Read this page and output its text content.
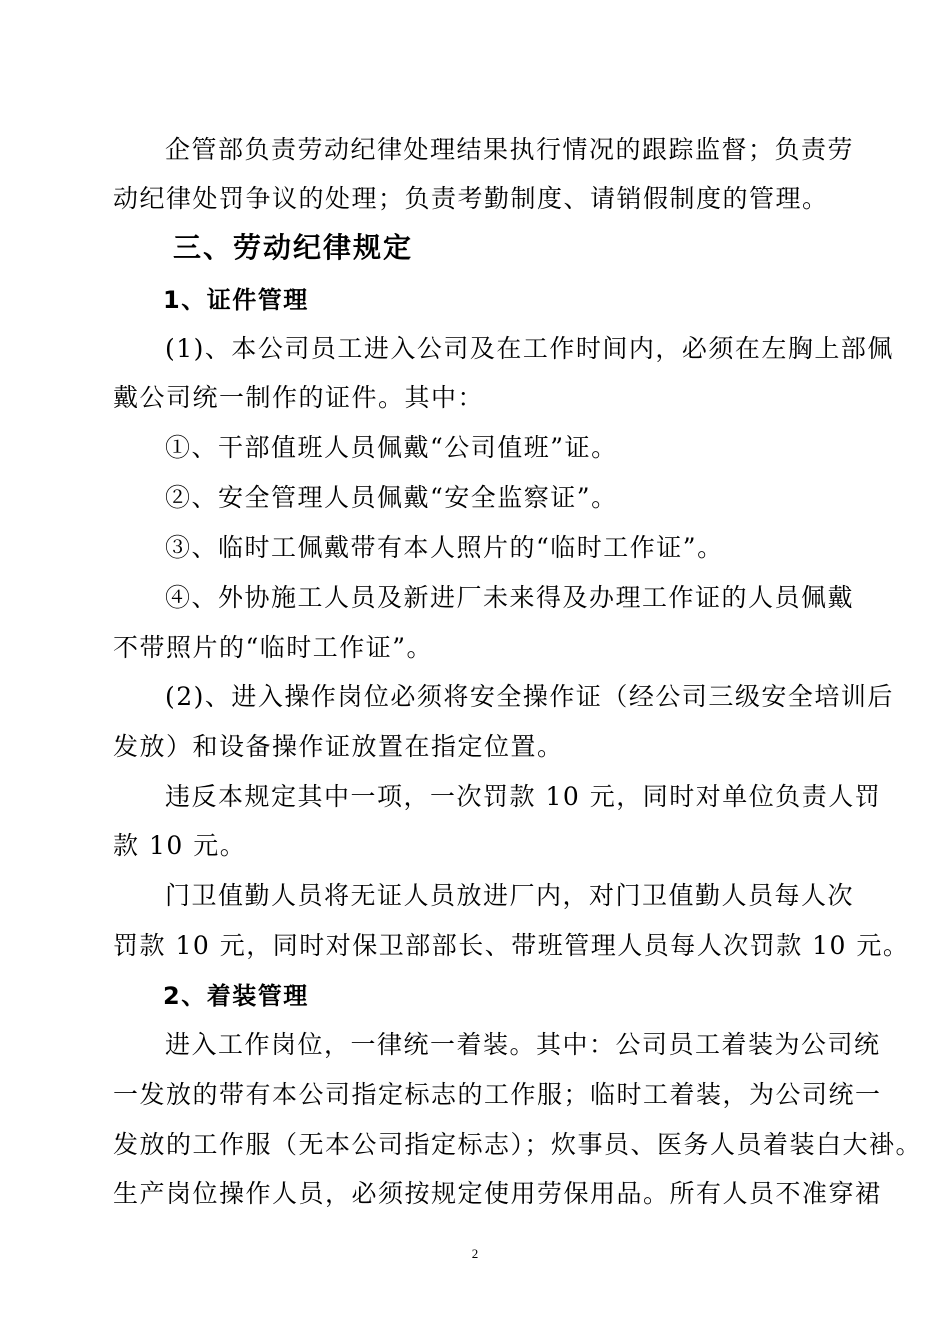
企管部负责劳动纪律处理结果执行情况的跟踪监督；负责劳
动纪律处罚争议的处理；负责考勤制度、请销假制度的管理。
三、劳动纪律规定
1、证件管理
(1)、本公司员工进入公司及在工作时间内，必须在左胸上部佩
戴公司统一制作的证件。其中：
①、干部值班人员佩戴“公司值班”证。
②、安全管理人员佩戴“安全监察证”。
③、临时工佩戴带有本人照片的“临时工作证”。
④、外协施工人员及新进厂未来得及办理工作证的人员佩戴
不带照片的“临时工作证”。
(2)、进入操作岗位必须将安全操作证（经公司三级安全培训后
发放）和设备操作证放置在指定位置。
违反本规定其中一项，一次罚款 10 元，同时对单位负责人罚
款 10 元。
门卫值勤人员将无证人员放进厂内，对门卫值勤人员每人次
罚款 10 元，同时对保卫部部长、带班管理人员每人次罚款 10 元。
2、着装管理
进入工作岗位，一律统一着装。其中：公司员工着装为公司统
一发放的带有本公司指定标志的工作服；临时工着装，为公司统一
发放的工作服（无本公司指定标志）；炊事员、医务人员着装白大褂。
生产岗位操作人员，必须按规定使用劳保用品。所有人员不准穿裙
2
